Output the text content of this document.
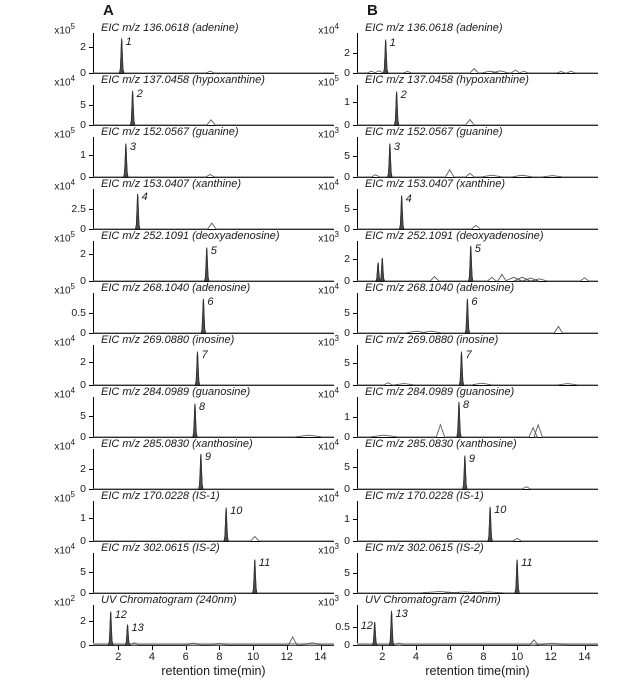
A	B
EIC m/z 136.0618 (adenine)
$x10^5$
2
0
1
EIC m/z 137.0458 (hypoxanthine)
$x10^4$
5
0
2
EIC m/z 152.0567 (guanine)
$x10^5$
1
0
3
EIC m/z 153.0407 (xanthine)
$x10^4$
2.5
0
4
EIC m/z 252.1091 (deoxyadenosine)
$x10^5$
2
0
5
EIC m/z 268.1040 (adenosine)
$x10^5$
0.5
0
6
EIC m/z 269.0880 (inosine)
$x10^4$
2
0
7
EIC m/z 284.0989 (guanosine)
$x10^4$
5
0
8
EIC m/z 285.0830 (xanthosine)
$x10^4$
2
0
9
EIC m/z 170.0228 (IS-1)
$x10^5$
1
0
10
EIC m/z 302.0615 (IS-2)
$x10^4$
5
0
11
UV Chromatogram (240nm)
$x10^2$
2
0
12
13
2	4	6	8	10	12	14
retention time(min)
EIC m/z 136.0618 (adenine)
$x10^4$
2
0
1
EIC m/z 137.0458 (hypoxanthine)
$x10^5$
1
0
2
EIC m/z 152.0567 (guanine)
$x10^3$
5
0
3
EIC m/z 153.0407 (xanthine)
$x10^4$
5
0
4
EIC m/z 252.1091 (deoxyadenosine)
$x10^3$
2
0
5
EIC m/z 268.1040 (adenosine)
$x10^4$
5
0
6
EIC m/z 269.0880 (inosine)
$x10^3$
5
0
7
EIC m/z 284.0989 (guanosine)
$x10^4$
1
0
8
EIC m/z 285.0830 (xanthosine)
$x10^4$
5
0
9
EIC m/z 170.0228 (IS-1)
$x10^4$
1
0
10
EIC m/z 302.0615 (IS-2)
$x10^3$
5
0
11
UV Chromatogram (240nm)
$x10^3$
0.5
0
12
13
2	4	6	8	10	12	14
retention time(min)
